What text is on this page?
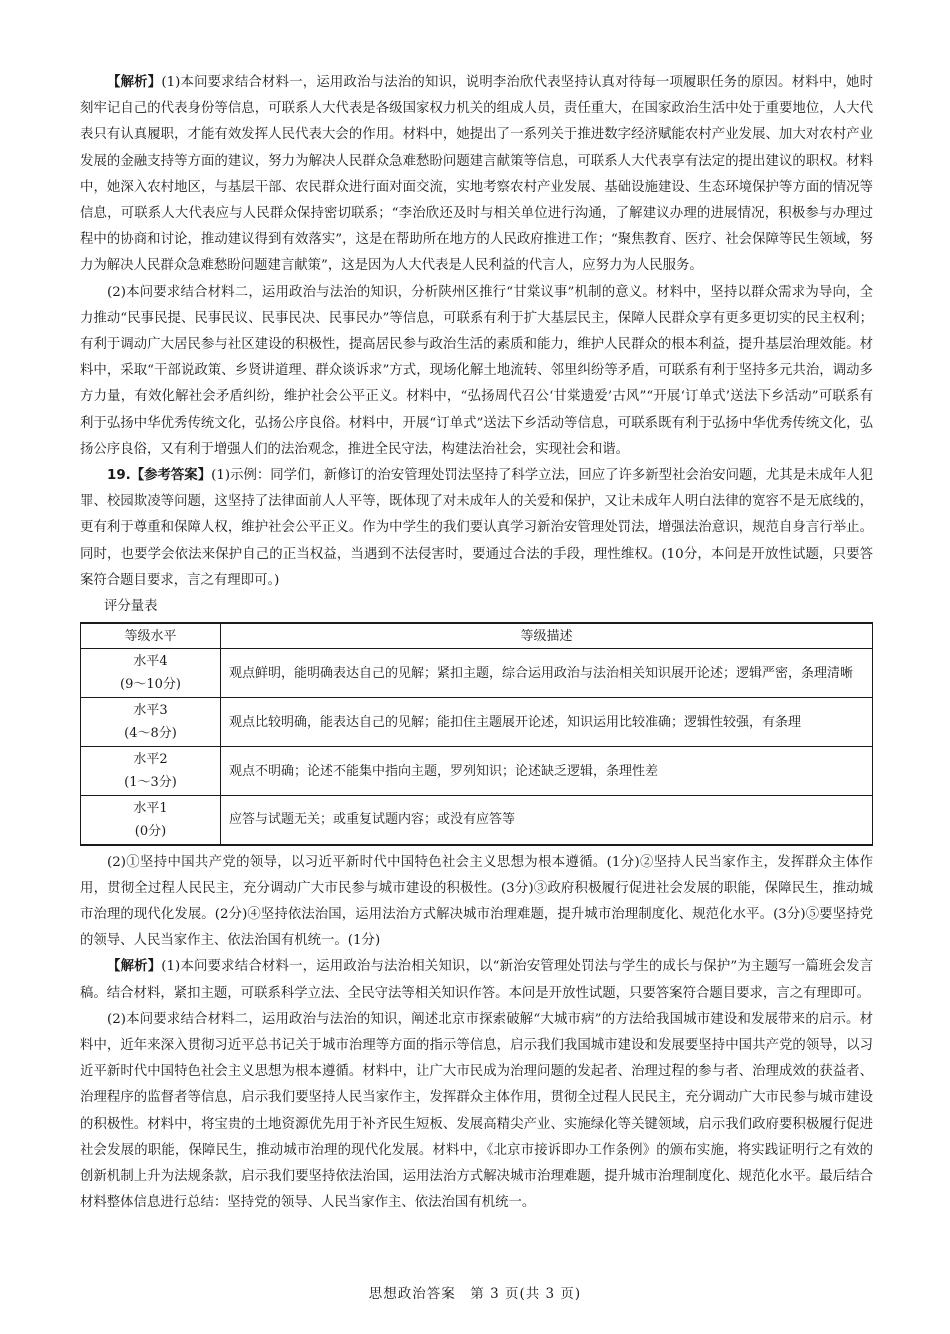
【解析】(1)本问要求结合材料一，运用政治与法治的知识，说明李治欣代表坚持认真对待每一项履职任务的原因。材料中，她时刻牢记自己的代表身份等信息，可联系人大代表是各级国家权力机关的组成人员，责任重大，在国家政治生活中处于重要地位，人大代表只有认真履职，才能有效发挥人民代表大会的作用。材料中，她提出了一系列关于推进数字经济赋能农村产业发展、加大对农村产业发展的金融支持等方面的建议，努力为解决人民群众急难愁盼问题建言献策等信息，可联系人大代表享有法定的提出建议的职权。材料中，她深入农村地区，与基层干部、农民群众进行面对面交流，实地考察农村产业发展、基础设施建设、生态环境保护等方面的情况等信息，可联系人大代表应与人民群众保持密切联系；“李治欣还及时与相关单位进行沟通，了解建议办理的进展情况，积极参与办理过程中的协商和讨论，推动建议得到有效落实”，这是在帮助所在地方的人民政府推进工作；“聚焦教育、医疗、社会保障等民生领域，努力为解决人民群众急难愁盼问题建言献策”，这是因为人大代表是人民利益的代言人，应努力为人民服务。

(2)本问要求结合材料二，运用政治与法治的知识，分析陕州区推行“甘棠议事”机制的意义。材料中，坚持以群众需求为导向，全力推动“民事民提、民事民议、民事民决、民事民办”等信息，可联系有利于扩大基层民主，保障人民群众享有更多更切实的民主权利；有利于调动广大居民参与社区建设的积极性，提高居民参与政治生活的素质和能力，维护人民群众的根本利益，提升基层治理效能。材料中，采取“干部说政策、乡贤讲道理、群众谈诉求”方式，现场化解土地流转、邻里纠纷等矛盾，可联系有利于坚持多元共治，调动多方力量，有效化解社会矛盾纠纷，维护社会公平正义。材料中，“弘扬周代召公‘甘棠遗爱’古风”“开展‘订单式’送法下乡活动”可联系有利于弘扬中华优秀传统文化，弘扬公序良俗。材料中，开展“订单式”送法下乡活动等信息，可联系既有利于弘扬中华优秀传统文化，弘扬公序良俗，又有利于增强人们的法治观念，推进全民守法，构建法治社会，实现社会和谐。

19.【参考答案】(1)示例：同学们，新修订的治安管理处罚法坚持了科学立法，回应了许多新型社会治安问题，尤其是未成年人犯罪、校园欺凌等问题，这坚持了法律面前人人平等，既体现了对未成年人的关爱和保护，又让未成年人明白法律的宽容不是无底线的，更有利于尊重和保障人权，维护社会公平正义。作为中学生的我们要认真学习新治安管理处罚法，增强法治意识，规范自身言行举止。同时，也要学会依法来保护自己的正当权益，当遇到不法侵害时，要通过合法的手段，理性维权。(10分，本问是开放性试题，只要答案符合题目要求，言之有理即可。)

评分量表
等级水平	等级描述

水平4
(9～10分)	观点鲜明，能明确表达自己的见解；紧扣主题，综合运用政治与法治相关知识展开论述；逻辑严密，条理清晰

水平3
(4～8分)	观点比较明确，能表达自己的见解；能扣住主题展开论述，知识运用比较准确；逻辑性较强，有条理

水平2
(1～3分)	观点不明确；论述不能集中指向主题，罗列知识；论述缺乏逻辑，条理性差

水平1
(0分)	应答与试题无关；或重复试题内容；或没有应答等

(2)①坚持中国共产党的领导，以习近平新时代中国特色社会主义思想为根本遵循。(1分)②坚持人民当家作主，发挥群众主体作用，贯彻全过程人民民主，充分调动广大市民参与城市建设的积极性。(3分)③政府积极履行促进社会发展的职能，保障民生，推动城市治理的现代化发展。(2分)④坚持依法治国，运用法治方式解决城市治理难题，提升城市治理制度化、规范化水平。(3分)⑤要坚持党的领导、人民当家作主、依法治国有机统一。(1分)

【解析】(1)本问要求结合材料一，运用政治与法治相关知识，以“新治安管理处罚法与学生的成长与保护”为主题写一篇班会发言稿。结合材料，紧扣主题，可联系科学立法、全民守法等相关知识作答。本问是开放性试题，只要答案符合题目要求，言之有理即可。

(2)本问要求结合材料二，运用政治与法治的知识，阐述北京市探索破解“大城市病”的方法给我国城市建设和发展带来的启示。材料中，近年来深入贯彻习近平总书记关于城市治理等方面的指示等信息，启示我们我国城市建设和发展要坚持中国共产党的领导，以习近平新时代中国特色社会主义思想为根本遵循。材料中，让广大市民成为治理问题的发起者、治理过程的参与者、治理成效的获益者、治理程序的监督者等信息，启示我们要坚持人民当家作主，发挥群众主体作用，贯彻全过程人民民主，充分调动广大市民参与城市建设的积极性。材料中，将宝贵的土地资源优先用于补齐民生短板、发展高精尖产业、实施绿化等关键领域，启示我们政府要积极履行促进社会发展的职能，保障民生，推动城市治理的现代化发展。材料中，《北京市接诉即办工作条例》的颁布实施，将实践证明行之有效的创新机制上升为法规条款，启示我们要坚持依法治国，运用法治方式解决城市治理难题，提升城市治理制度化、规范化水平。最后结合材料整体信息进行总结：坚持党的领导、人民当家作主、依法治国有机统一。

思想政治答案　第 3 页(共 3 页)
